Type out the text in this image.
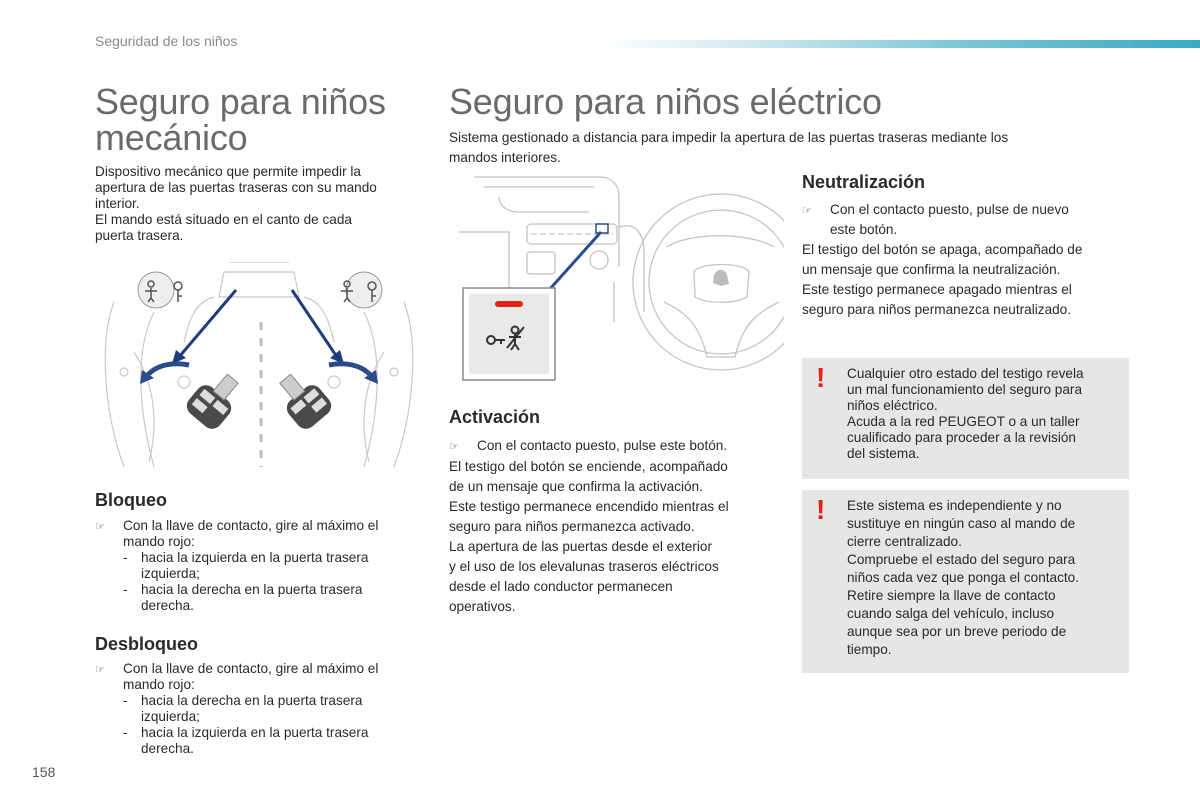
Seguridad de los niños
Seguro para niños mecánico
Dispositivo mecánico que permite impedir la
apertura de las puertas traseras con su mando
interior.
El mando está situado en el canto de cada
puerta trasera.
Bloqueo
☞	Con la llave de contacto, gire al máximo el
mando rojo:
- hacia la izquierda en la puerta trasera
izquierda;
- hacia la derecha en la puerta trasera
derecha.
Desbloqueo
☞	Con la llave de contacto, gire al máximo el
mando rojo:
- hacia la derecha en la puerta trasera
izquierda;
- hacia la izquierda en la puerta trasera
derecha.
Seguro para niños eléctrico
Sistema gestionado a distancia para impedir la apertura de las puertas traseras mediante los
mandos interiores.
Activación
☞	Con el contacto puesto, pulse este botón.
El testigo del botón se enciende, acompañado
de un mensaje que confirma la activación.
Este testigo permanece encendido mientras el
seguro para niños permanezca activado.
La apertura de las puertas desde el exterior
y el uso de los elevalunas traseros eléctricos
desde el lado conductor permanecen
operativos.
Neutralización
☞	Con el contacto puesto, pulse de nuevo
este botón.
El testigo del botón se apaga, acompañado de
un mensaje que confirma la neutralización.
Este testigo permanece apagado mientras el
seguro para niños permanezca neutralizado.
! Cualquier otro estado del testigo revela
un mal funcionamiento del seguro para
niños eléctrico.
Acuda a la red PEUGEOT o a un taller
cualificado para proceder a la revisión
del sistema.
! Este sistema es independiente y no
sustituye en ningún caso al mando de
cierre centralizado.
Compruebe el estado del seguro para
niños cada vez que ponga el contacto.
Retire siempre la llave de contacto
cuando salga del vehículo, incluso
aunque sea por un breve periodo de
tiempo.
158
